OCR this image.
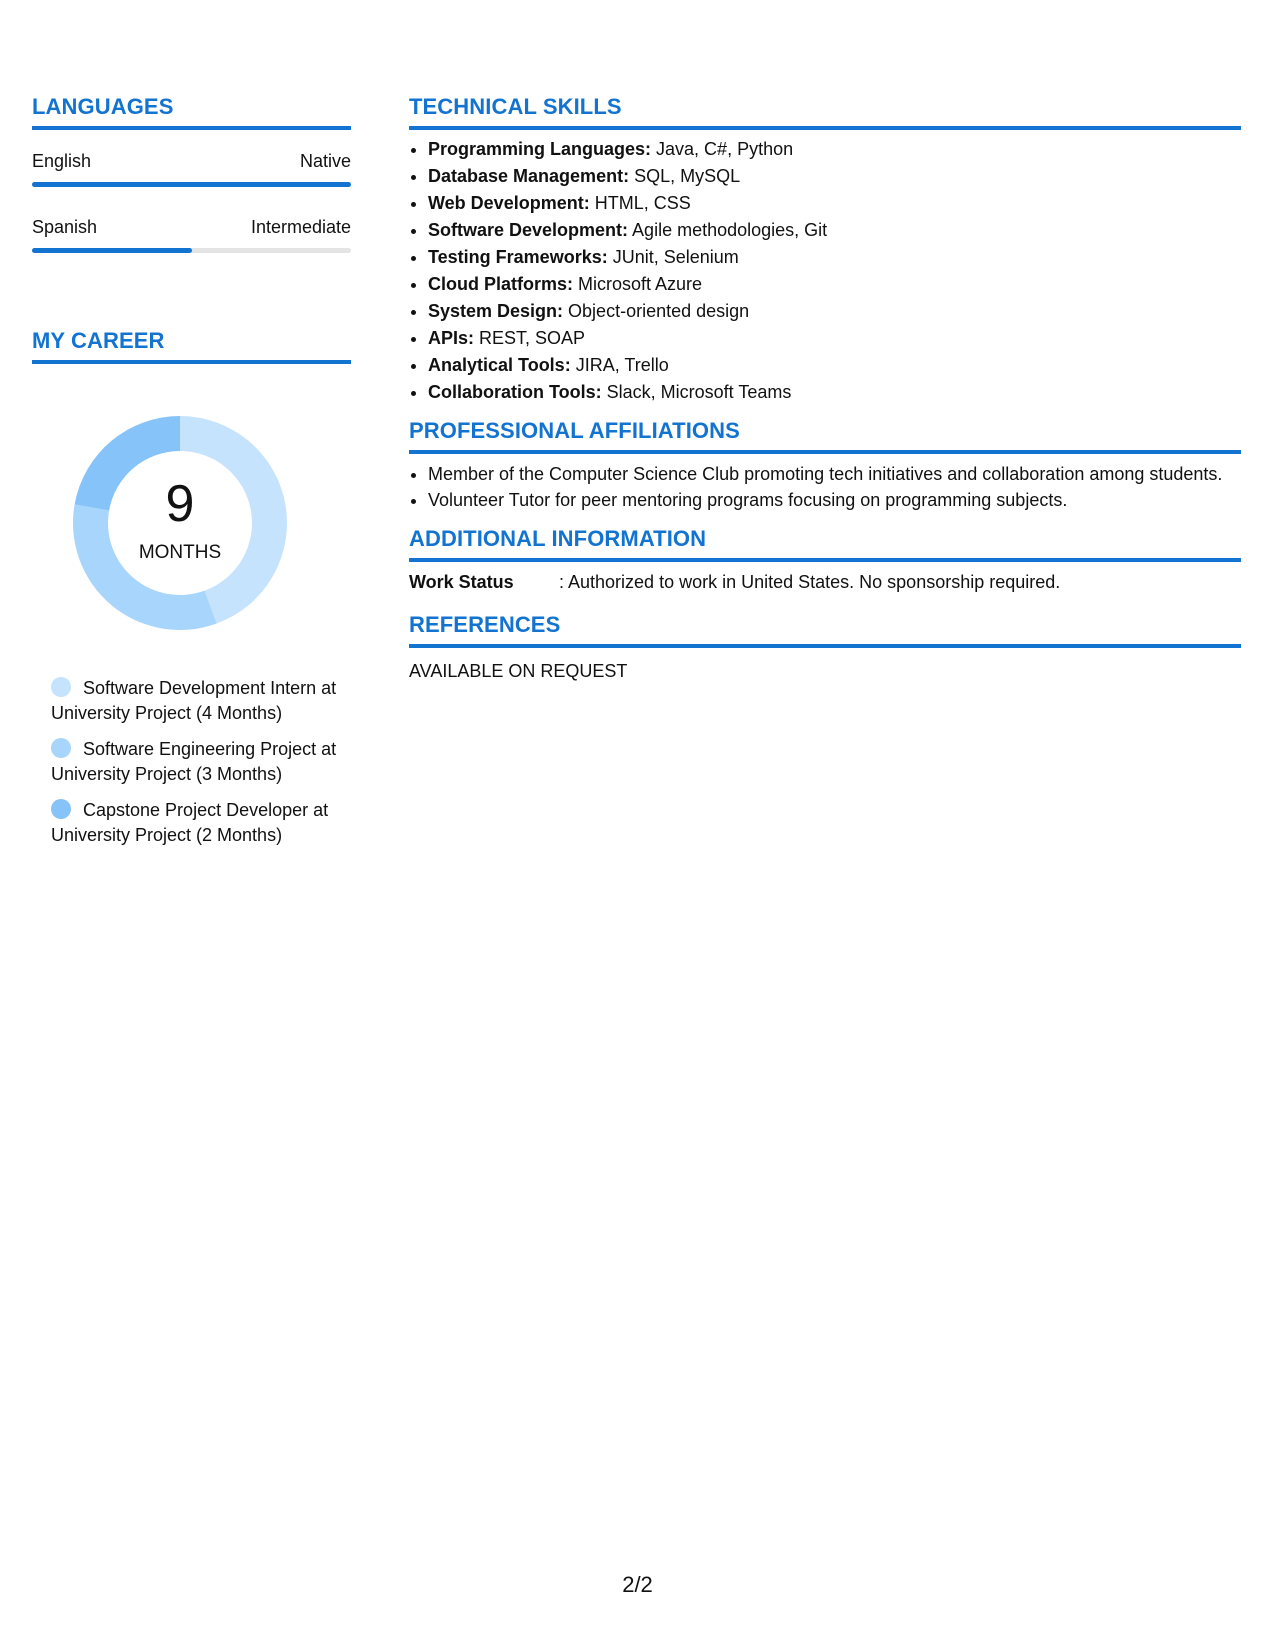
LANGUAGES
English	Native
Spanish	Intermediate
MY CAREER
9
MONTHS
Software Development Intern at University Project (4 Months)
Software Engineering Project at University Project (3 Months)
Capstone Project Developer at University Project (2 Months)
TECHNICAL SKILLS
• Programming Languages: Java, C#, Python
• Database Management: SQL, MySQL
• Web Development: HTML, CSS
• Software Development: Agile methodologies, Git
• Testing Frameworks: JUnit, Selenium
• Cloud Platforms: Microsoft Azure
• System Design: Object-oriented design
• APIs: REST, SOAP
• Analytical Tools: JIRA, Trello
• Collaboration Tools: Slack, Microsoft Teams
PROFESSIONAL AFFILIATIONS
• Member of the Computer Science Club promoting tech initiatives and collaboration among students.
• Volunteer Tutor for peer mentoring programs focusing on programming subjects.
ADDITIONAL INFORMATION
Work Status	: Authorized to work in United States. No sponsorship required.
REFERENCES
AVAILABLE ON REQUEST
2/2
